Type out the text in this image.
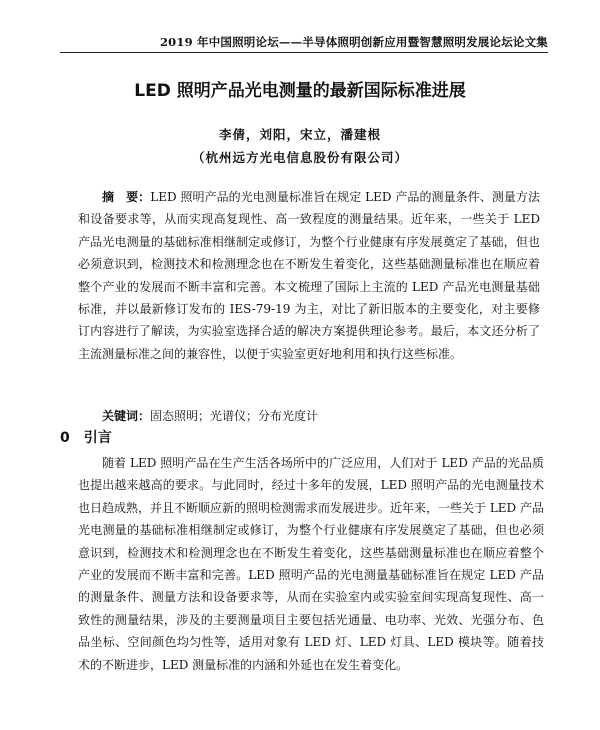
2019 年中国照明论坛——半导体照明创新应用暨智慧照明发展论坛论文集
LED 照明产品光电测量的最新国际标准进展
李倩，刘阳，宋立，潘建根
（杭州远方光电信息股份有限公司）

摘　要：LED 照明产品的光电测量标准旨在规定 LED 产品的测量条件、测量方法和设备要求等，从而实现高复现性、高一致程度的测量结果。近年来，一些关于 LED 产品光电测量的基础标准相继制定或修订，为整个行业健康有序发展奠定了基础，但也必须意识到，检测技术和检测理念也在不断发生着变化，这些基础测量标准也在顺应着整个产业的发展而不断丰富和完善。本文梳理了国际上主流的 LED 产品光电测量基础标准，并以最新修订发布的 IES-79-19 为主，对比了新旧版本的主要变化，对主要修订内容进行了解读，为实验室选择合适的解决方案提供理论参考。最后，本文还分析了主流测量标准之间的兼容性，以便于实验室更好地利用和执行这些标准。

关键词：固态照明；光谱仪；分布光度计
0 引言

随着 LED 照明产品在生产生活各场所中的广泛应用，人们对于 LED 产品的光品质也提出越来越高的要求。与此同时，经过十多年的发展，LED 照明产品的光电测量技术也日趋成熟，并且不断顺应新的照明检测需求而发展进步。近年来，一些关于 LED 产品光电测量的基础标准相继制定或修订，为整个行业健康有序发展奠定了基础，但也必须意识到，检测技术和检测理念也在不断发生着变化，这些基础测量标准也在顺应着整个产业的发展而不断丰富和完善。LED 照明产品的光电测量基础标准旨在规定 LED 产品的测量条件、测量方法和设备要求等，从而在实验室内或实验室间实现高复现性、高一致性的测量结果，涉及的主要测量项目主要包括光通量、电功率、光效、光强分布、色品坐标、空间颜色均匀性等，适用对象有 LED 灯、LED 灯具、LED 模块等。随着技术的不断进步，LED 测量标准的内涵和外延也在发生着变化。
